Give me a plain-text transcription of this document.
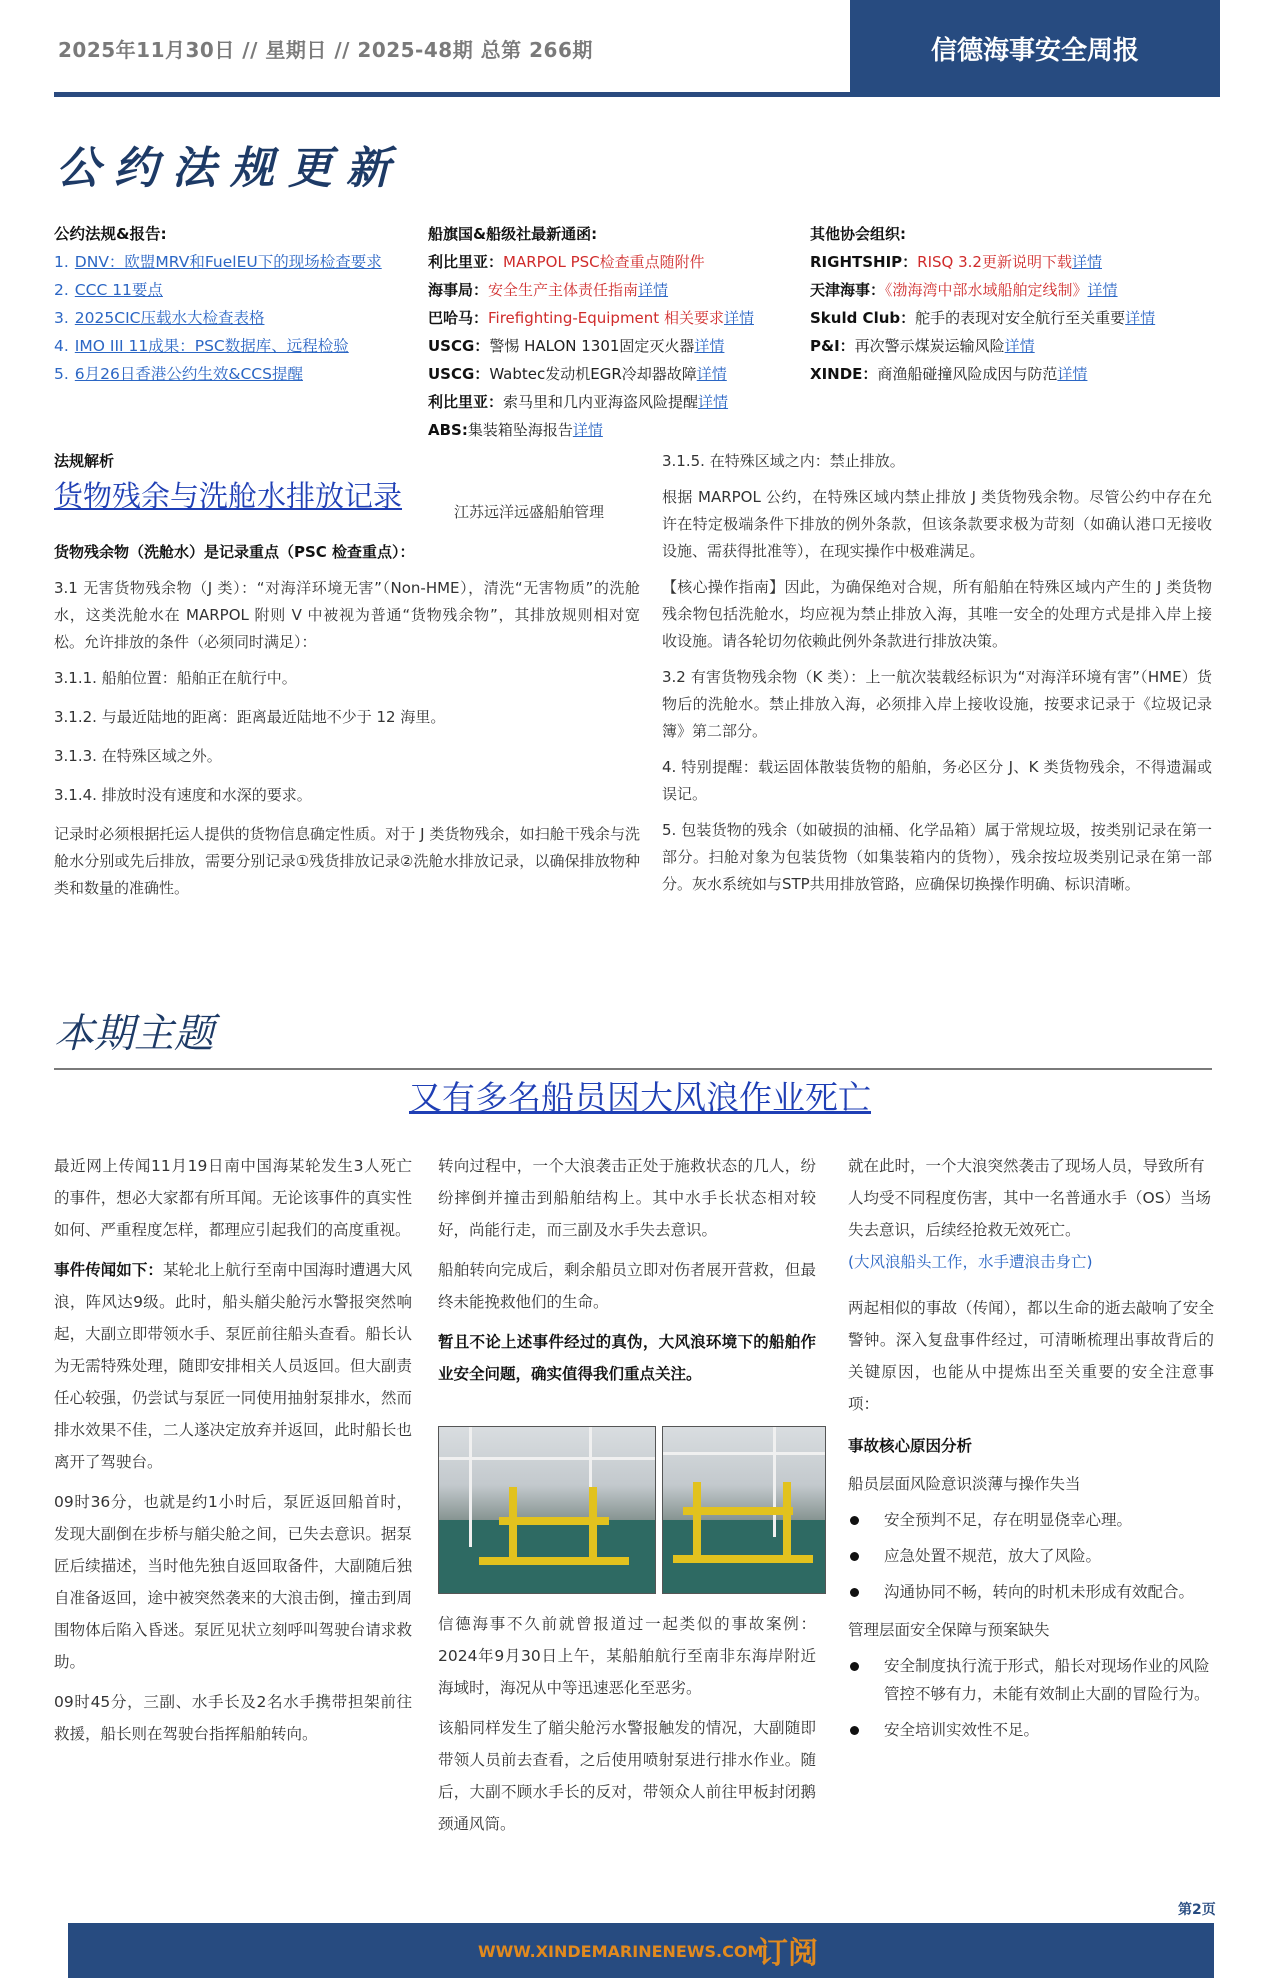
2025年11月30日 // 星期日 // 2025-48期 总第 266期	信德海事安全周报
公约法规更新
公约法规&报告:
1. DNV：欧盟MRV和FuelEU下的现场检查要求
2. CCC 11要点
3. 2025CIC压载水大检查表格
4. IMO III 11成果：PSC数据库、远程检验
5. 6月26日香港公约生效&CCS提醒
船旗国&船级社最新通函:
利比里亚：MARPOL PSC检查重点随附件
海事局：安全生产主体责任指南详情
巴哈马：Firefighting-Equipment 相关要求详情
USCG：警惕 HALON 1301固定灭火器详情
USCG：Wabtec发动机EGR冷却器故障详情
利比里亚：索马里和几内亚海盗风险提醒详情
ABS:集装箱坠海报告详情
其他协会组织:
RIGHTSHIP：RISQ 3.2更新说明下载详情
天津海事：《渤海湾中部水域船舶定线制》详情
Skuld Club：舵手的表现对安全航行至关重要详情
P&I：再次警示煤炭运输风险详情
XINDE：商渔船碰撞风险成因与防范详情
法规解析
货物残余与洗舱水排放记录	江苏远洋远盛船舶管理
货物残余物（洗舱水）是记录重点（PSC 检查重点）：
3.1 无害货物残余物（J 类）：“对海洋环境无害”（Non-HME），清洗“无害物质”的洗舱水，这类洗舱水在 MARPOL 附则 V 中被视为普通“货物残余物”，其排放规则相对宽松。允许排放的条件（必须同时满足）：
3.1.1. 船舶位置：船舶正在航行中。
3.1.2. 与最近陆地的距离：距离最近陆地不少于 12 海里。
3.1.3. 在特殊区域之外。
3.1.4. 排放时没有速度和水深的要求。
记录时必须根据托运人提供的货物信息确定性质。对于 J 类货物残余，如扫舱干残余与洗舱水分别或先后排放，需要分别记录①残货排放记录②洗舱水排放记录，以确保排放物种类和数量的准确性。
3.1.5. 在特殊区域之内：禁止排放。
根据 MARPOL 公约，在特殊区域内禁止排放 J 类货物残余物。尽管公约中存在允许在特定极端条件下排放的例外条款，但该条款要求极为苛刻（如确认港口无接收设施、需获得批准等），在现实操作中极难满足。
【核心操作指南】因此，为确保绝对合规，所有船舶在特殊区域内产生的 J 类货物残余物包括洗舱水，均应视为禁止排放入海，其唯一安全的处理方式是排入岸上接收设施。请各轮切勿依赖此例外条款进行排放决策。
3.2 有害货物残余物（K 类）：上一航次装载经标识为“对海洋环境有害”（HME）货物后的洗舱水。禁止排放入海，必须排入岸上接收设施，按要求记录于《垃圾记录簿》第二部分。
4. 特别提醒：载运固体散装货物的船舶，务必区分 J、K 类货物残余，不得遗漏或误记。
5. 包装货物的残余（如破损的油桶、化学品箱）属于常规垃圾，按类别记录在第一部分。扫舱对象为包装货物（如集装箱内的货物），残余按垃圾类别记录在第一部分。灰水系统如与STP共用排放管路，应确保切换操作明确、标识清晰。
本期主题
又有多名船员因大风浪作业死亡
最近网上传闻11月19日南中国海某轮发生3人死亡的事件，想必大家都有所耳闻。无论该事件的真实性如何、严重程度怎样，都理应引起我们的高度重视。
事件传闻如下：某轮北上航行至南中国海时遭遇大风浪，阵风达9级。此时，船头艏尖舱污水警报突然响起，大副立即带领水手、泵匠前往船头查看。船长认为无需特殊处理，随即安排相关人员返回。但大副责任心较强，仍尝试与泵匠一同使用抽射泵排水，然而排水效果不佳，二人遂决定放弃并返回，此时船长也离开了驾驶台。
09时36分，也就是约1小时后，泵匠返回船首时，发现大副倒在步桥与艏尖舱之间，已失去意识。据泵匠后续描述，当时他先独自返回取备件，大副随后独自准备返回，途中被突然袭来的大浪击倒，撞击到周围物体后陷入昏迷。泵匠见状立刻呼叫驾驶台请求救助。
09时45分，三副、水手长及2名水手携带担架前往救援，船长则在驾驶台指挥船舶转向。
转向过程中，一个大浪袭击正处于施救状态的几人，纷纷摔倒并撞击到船舶结构上。其中水手长状态相对较好，尚能行走，而三副及水手失去意识。
船舶转向完成后，剩余船员立即对伤者展开营救，但最终未能挽救他们的生命。
暂且不论上述事件经过的真伪，大风浪环境下的船舶作业安全问题，确实值得我们重点关注。
信德海事不久前就曾报道过一起类似的事故案例：2024年9月30日上午，某船舶航行至南非东海岸附近海域时，海况从中等迅速恶化至恶劣。
该船同样发生了艏尖舱污水警报触发的情况，大副随即带领人员前去查看，之后使用喷射泵进行排水作业。随后，大副不顾水手长的反对，带领众人前往甲板封闭鹅颈通风筒。
就在此时，一个大浪突然袭击了现场人员，导致所有人均受不同程度伤害，其中一名普通水手（OS）当场失去意识，后续经抢救无效死亡。
(大风浪船头工作，水手遭浪击身亡)
两起相似的事故（传闻），都以生命的逝去敲响了安全警钟。深入复盘事件经过，可清晰梳理出事故背后的关键原因，也能从中提炼出至关重要的安全注意事项：
事故核心原因分析
船员层面风险意识淡薄与操作失当
安全预判不足，存在明显侥幸心理。
应急处置不规范，放大了风险。
沟通协同不畅，转向的时机未形成有效配合。
管理层面安全保障与预案缺失
安全制度执行流于形式，船长对现场作业的风险管控不够有力，未能有效制止大副的冒险行为。
安全培训实效性不足。
第2页
WWW.XINDEMARINENEWS.COM
订阅
